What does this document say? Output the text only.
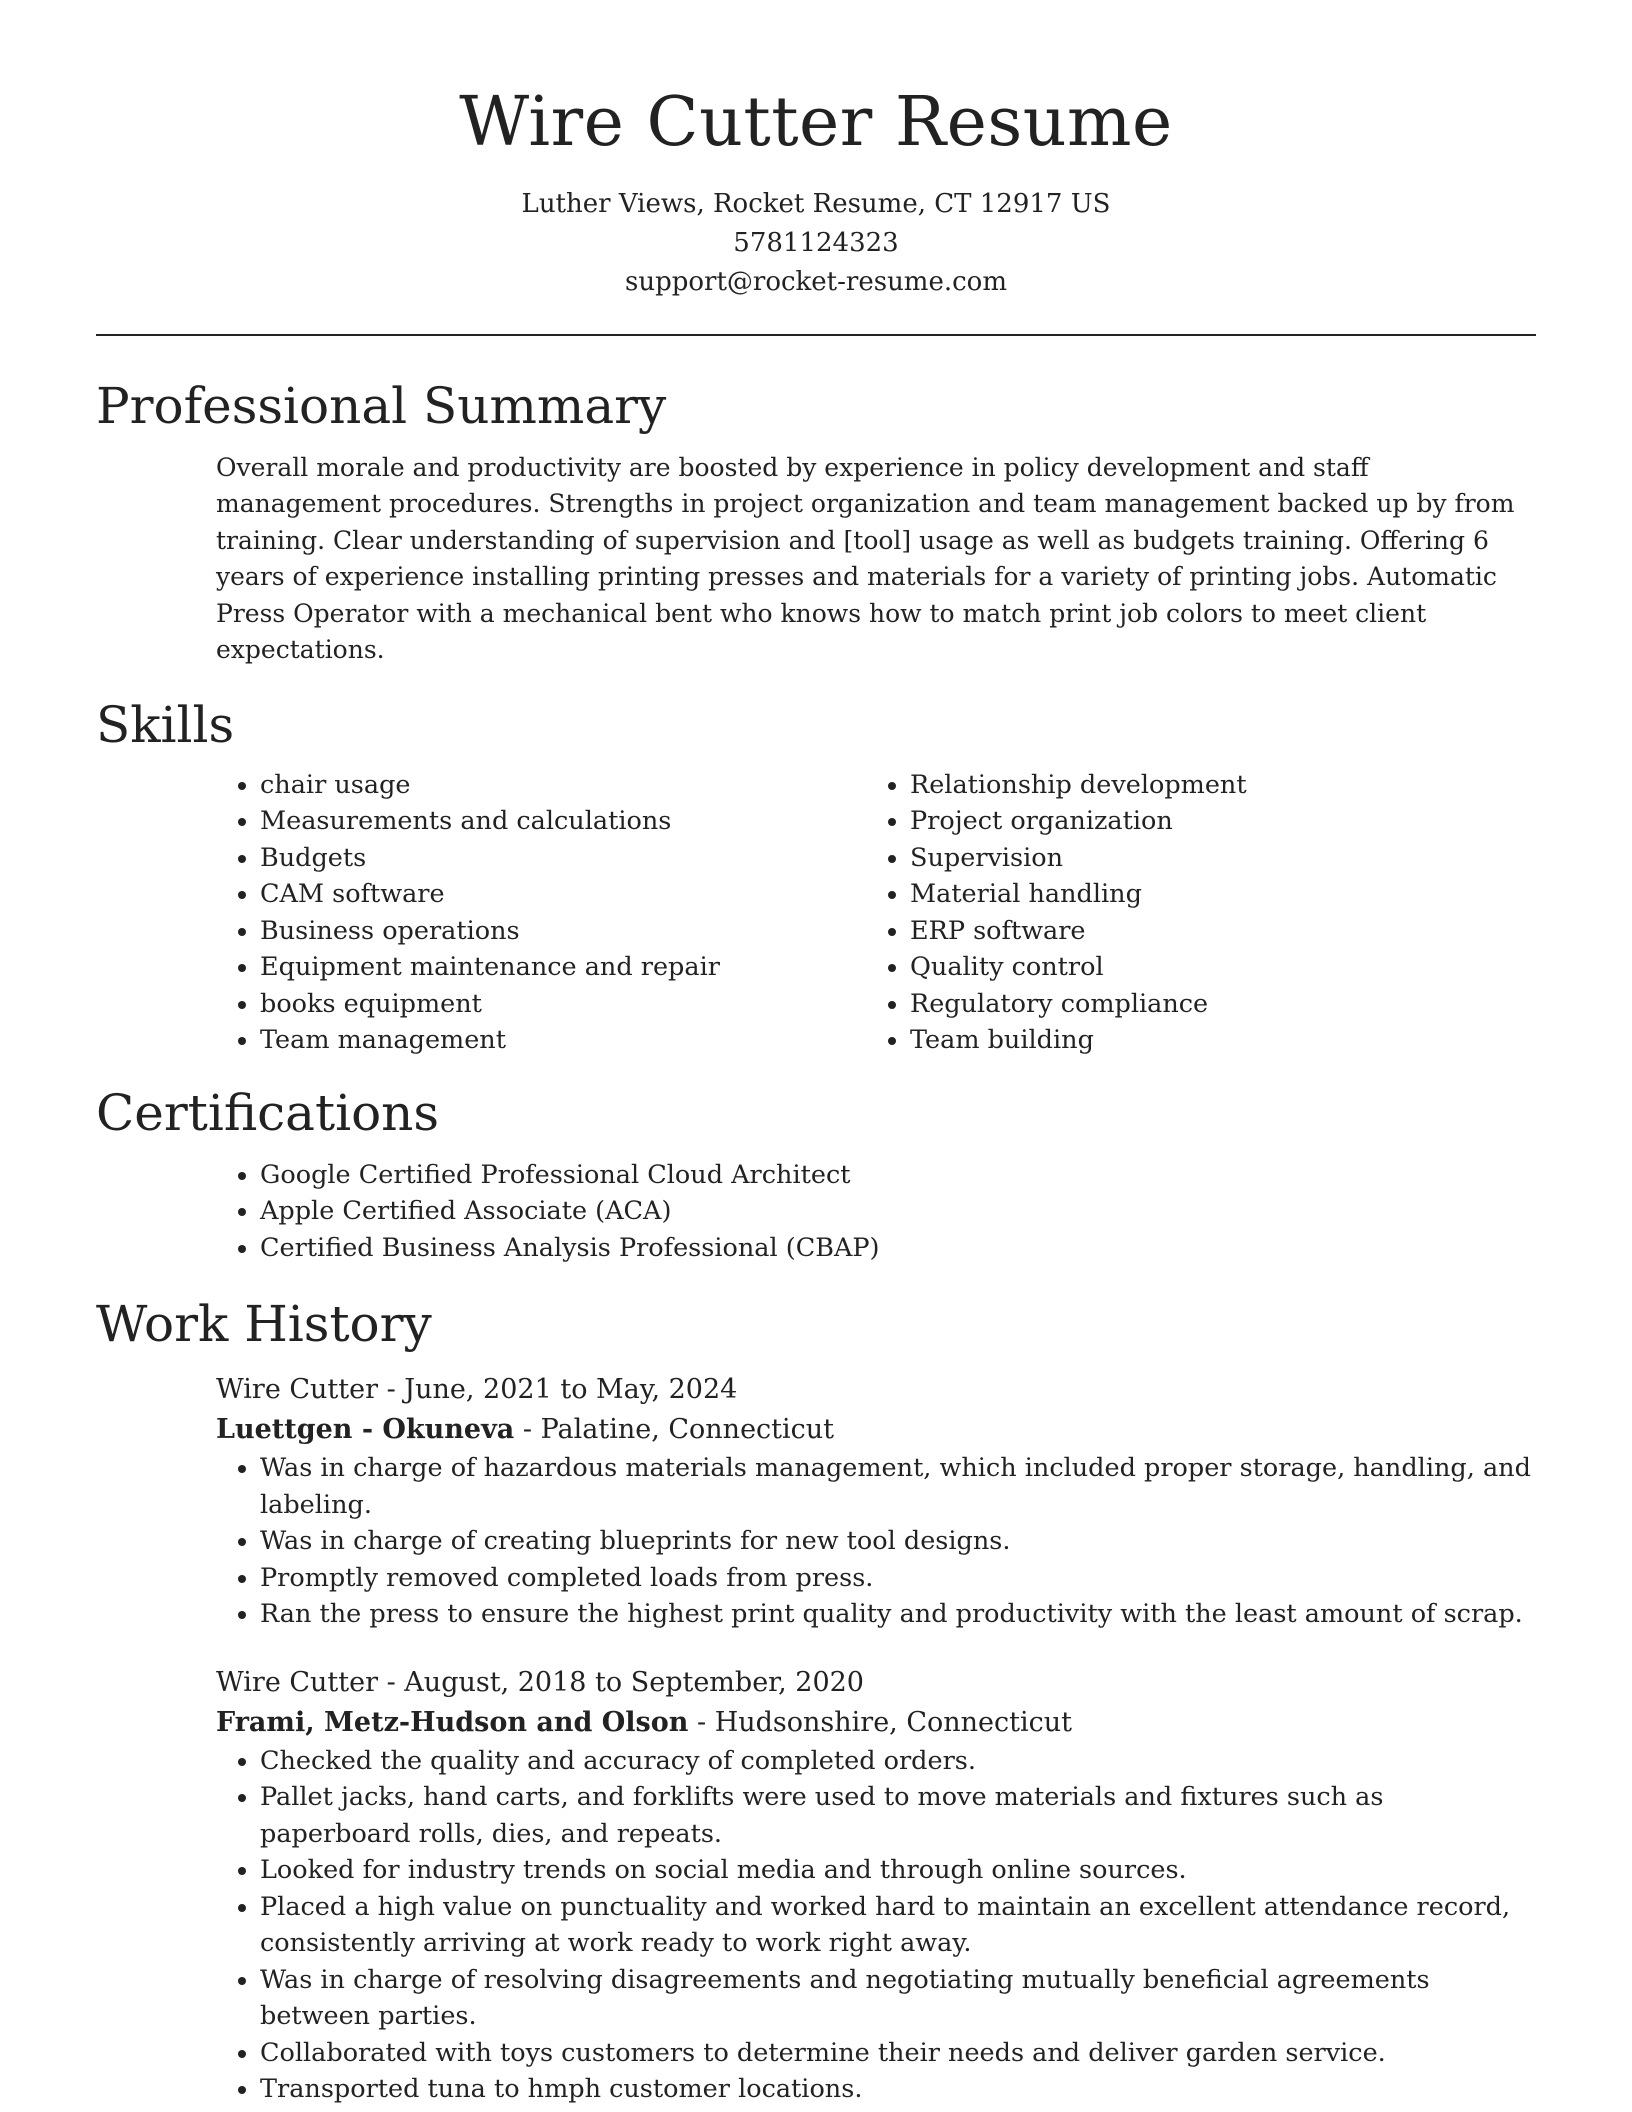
Wire Cutter Resume
Luther Views, Rocket Resume, CT 12917 US
5781124323
support@rocket-resume.com
Professional Summary

Overall morale and productivity are boosted by experience in policy development and staff management procedures. Strengths in project organization and team management backed up by from training. Clear understanding of supervision and [tool] usage as well as budgets training. Offering 6 years of experience installing printing presses and materials for a variety of printing jobs. Automatic Press Operator with a mechanical bent who knows how to match print job colors to meet client expectations.

Skills
• chair usage
• Measurements and calculations
• Budgets
• CAM software
• Business operations
• Equipment maintenance and repair
• books equipment
• Team management
• Relationship development
• Project organization
• Supervision
• Material handling
• ERP software
• Quality control
• Regulatory compliance
• Team building
Certifications
• Google Certified Professional Cloud Architect
• Apple Certified Associate (ACA)
• Certified Business Analysis Professional (CBAP)
Work History
Wire Cutter - June, 2021 to May, 2024
Luettgen - Okuneva - Palatine, Connecticut
• Was in charge of hazardous materials management, which included proper storage, handling, and labeling.
• Was in charge of creating blueprints for new tool designs.
• Promptly removed completed loads from press.
• Ran the press to ensure the highest print quality and productivity with the least amount of scrap.
Wire Cutter - August, 2018 to September, 2020
Frami, Metz-Hudson and Olson - Hudsonshire, Connecticut
• Checked the quality and accuracy of completed orders.
• Pallet jacks, hand carts, and forklifts were used to move materials and fixtures such as paperboard rolls, dies, and repeats.
• Looked for industry trends on social media and through online sources.
• Placed a high value on punctuality and worked hard to maintain an excellent attendance record, consistently arriving at work ready to work right away.
• Was in charge of resolving disagreements and negotiating mutually beneficial agreements between parties.
• Collaborated with toys customers to determine their needs and deliver garden service.
• Transported tuna to hmph customer locations.
